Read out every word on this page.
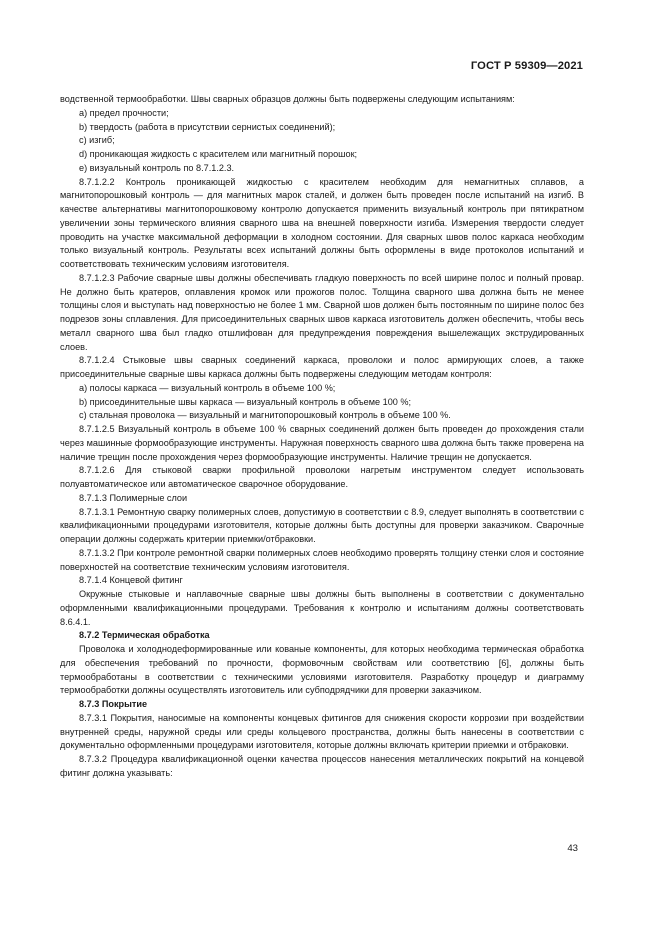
ГОСТ Р 59309—2021

водственной термообработки. Швы сварных образцов должны быть подвержены следующим испытаниям:

a) предел прочности;

b) твердость (работа в присутствии сернистых соединений);

c) изгиб;

d) проникающая жидкость с красителем или магнитный порошок;

e) визуальный контроль по 8.7.1.2.3.

8.7.1.2.2 Контроль проникающей жидкостью с красителем необходим для немагнитных сплавов, а магнитопорошковый контроль — для магнитных марок сталей, и должен быть проведен после испытаний на изгиб. В качестве альтернативы магнитопорошковому контролю допускается применить визуальный контроль при пятикратном увеличении зоны термического влияния сварного шва на внешней поверхности изгиба. Измерения твердости следует проводить на участке максимальной деформации в холодном состоянии. Для сварных швов полос каркаса необходим только визуальный контроль. Результаты всех испытаний должны быть оформлены в виде протоколов испытаний и соответствовать техническим условиям изготовителя.

8.7.1.2.3 Рабочие сварные швы должны обеспечивать гладкую поверхность по всей ширине полос и полный провар. Не должно быть кратеров, оплавления кромок или прожогов полос. Толщина сварного шва должна быть не менее толщины слоя и выступать над поверхностью не более 1 мм. Сварной шов должен быть постоянным по ширине полос без подрезов зоны сплавления. Для присоединительных сварных швов каркаса изготовитель должен обеспечить, чтобы весь металл сварного шва был гладко отшлифован для предупреждения повреждения вышележащих экструдированных слоев.

8.7.1.2.4 Стыковые швы сварных соединений каркаса, проволоки и полос армирующих слоев, а также присоединительные сварные швы каркаса должны быть подвержены следующим методам контроля:

a) полосы каркаса — визуальный контроль в объеме 100 %;

b) присоединительные швы каркаса — визуальный контроль в объеме 100 %;

c) стальная проволока — визуальный и магнитопорошковый контроль в объеме 100 %.

8.7.1.2.5 Визуальный контроль в объеме 100 % сварных соединений должен быть проведен до прохождения стали через машинные формообразующие инструменты. Наружная поверхность сварного шва должна быть также проверена на наличие трещин после прохождения через формообразующие инструменты. Наличие трещин не допускается.

8.7.1.2.6 Для стыковой сварки профильной проволоки нагретым инструментом следует использовать полуавтоматическое или автоматическое сварочное оборудование.

8.7.1.3 Полимерные слои

8.7.1.3.1 Ремонтную сварку полимерных слоев, допустимую в соответствии с 8.9, следует выполнять в соответствии с квалификационными процедурами изготовителя, которые должны быть доступны для проверки заказчиком. Сварочные операции должны содержать критерии приемки/отбраковки.

8.7.1.3.2 При контроле ремонтной сварки полимерных слоев необходимо проверять толщину стенки слоя и состояние поверхностей на соответствие техническим условиям изготовителя.

8.7.1.4 Концевой фитинг

Окружные стыковые и наплавочные сварные швы должны быть выполнены в соответствии с документально оформленными квалификационными процедурами. Требования к контролю и испытаниям должны соответствовать 8.6.4.1.

8.7.2 Термическая обработка

Проволока и холоднодеформированные или кованые компоненты, для которых необходима термическая обработка для обеспечения требований по прочности, формовочным свойствам или соответствию [6], должны быть термообработаны в соответствии с техническими условиями изготовителя. Разработку процедур и диаграмму термообработки должны осуществлять изготовитель или субподрядчики для проверки заказчиком.

8.7.3 Покрытие

8.7.3.1 Покрытия, наносимые на компоненты концевых фитингов для снижения скорости коррозии при воздействии внутренней среды, наружной среды или среды кольцевого пространства, должны быть нанесены в соответствии с документально оформленными процедурами изготовителя, которые должны включать критерии приемки и отбраковки.

8.7.3.2 Процедура квалификационной оценки качества процессов нанесения металлических покрытий на концевой фитинг должна указывать:

43
